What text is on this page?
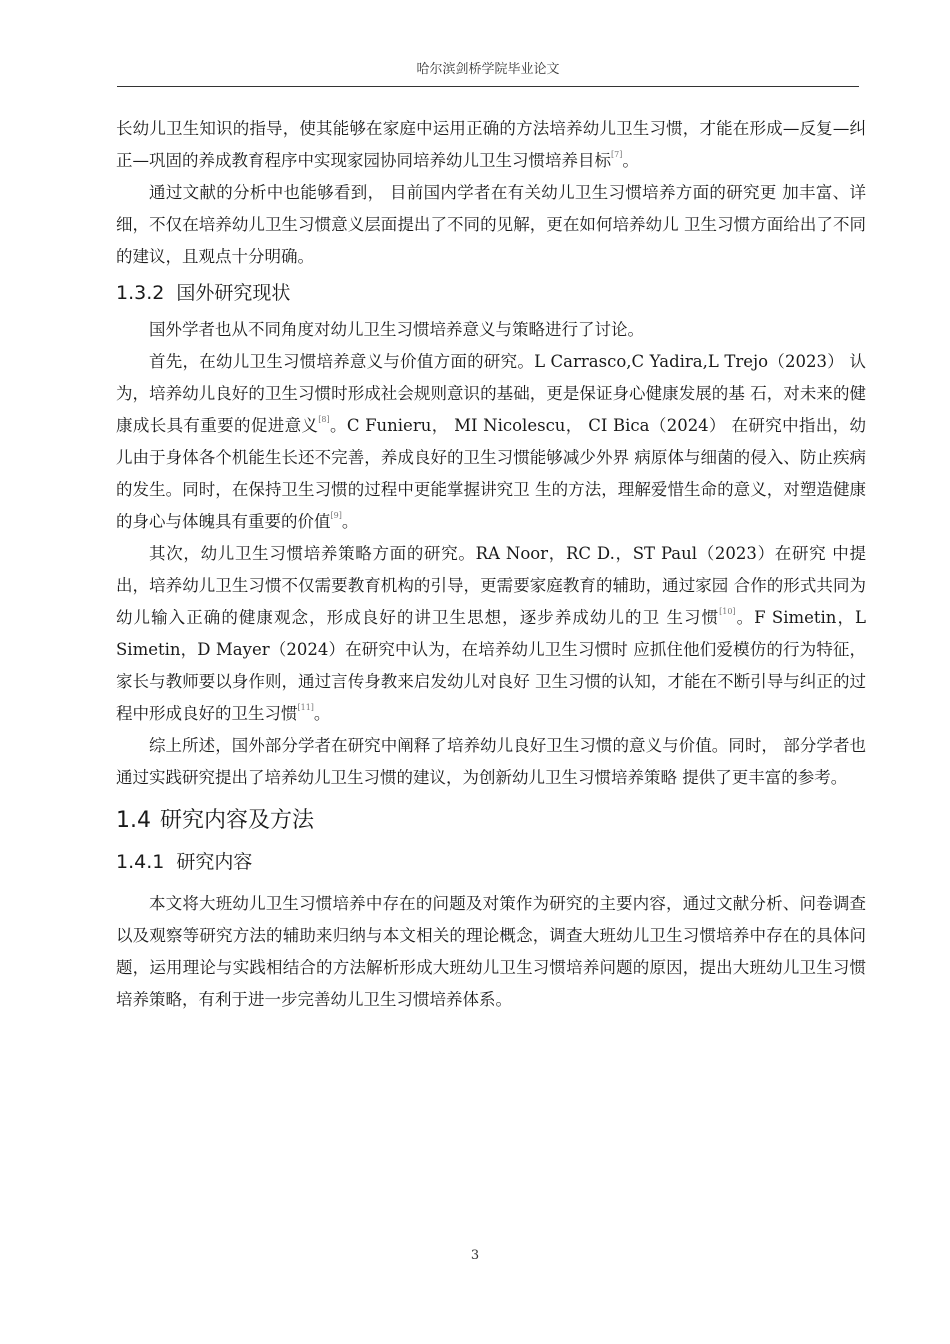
哈尔滨剑桥学院毕业论文

长幼儿卫生知识的指导，使其能够在家庭中运用正确的方法培养幼儿卫生习惯，才能在形成—反复—纠正—巩固的养成教育程序中实现家园协同培养幼儿卫生习惯培养目标[7]。

通过文献的分析中也能够看到， 目前国内学者在有关幼儿卫生习惯培养方面的研究更 加丰富、详细，不仅在培养幼儿卫生习惯意义层面提出了不同的见解，更在如何培养幼儿 卫生习惯方面给出了不同的建议，且观点十分明确。

1.3.2 国外研究现状

国外学者也从不同角度对幼儿卫生习惯培养意义与策略进行了讨论。

首先，在幼儿卫生习惯培养意义与价值方面的研究。L Carrasco,C Yadira,L Trejo（2023） 认为，培养幼儿良好的卫生习惯时形成社会规则意识的基础，更是保证身心健康发展的基 石，对未来的健康成长具有重要的促进意义[8]。C Funieru， MI Nicolescu， CI Bica（2024） 在研究中指出，幼儿由于身体各个机能生长还不完善，养成良好的卫生习惯能够减少外界 病原体与细菌的侵入、防止疾病的发生。同时，在保持卫生习惯的过程中更能掌握讲究卫 生的方法，理解爱惜生命的意义，对塑造健康的身心与体魄具有重要的价值[9]。

其次，幼儿卫生习惯培养策略方面的研究。RA Noor，RC D.，ST Paul（2023）在研究 中提出，培养幼儿卫生习惯不仅需要教育机构的引导，更需要家庭教育的辅助，通过家园 合作的形式共同为幼儿输入正确的健康观念，形成良好的讲卫生思想，逐步养成幼儿的卫 生习惯[10]。F Simetin，L Simetin，D Mayer（2024）在研究中认为，在培养幼儿卫生习惯时 应抓住他们爱模仿的行为特征，家长与教师要以身作则，通过言传身教来启发幼儿对良好 卫生习惯的认知，才能在不断引导与纠正的过程中形成良好的卫生习惯[11]。

综上所述，国外部分学者在研究中阐释了培养幼儿良好卫生习惯的意义与价值。同时， 部分学者也通过实践研究提出了培养幼儿卫生习惯的建议，为创新幼儿卫生习惯培养策略 提供了更丰富的参考。

1.4 研究内容及方法
1.4.1 研究内容

本文将大班幼儿卫生习惯培养中存在的问题及对策作为研究的主要内容，通过文献分析、问卷调查以及观察等研究方法的辅助来归纳与本文相关的理论概念，调查大班幼儿卫生习惯培养中存在的具体问题，运用理论与实践相结合的方法解析形成大班幼儿卫生习惯培养问题的原因，提出大班幼儿卫生习惯培养策略，有利于进一步完善幼儿卫生习惯培养体系。

3
